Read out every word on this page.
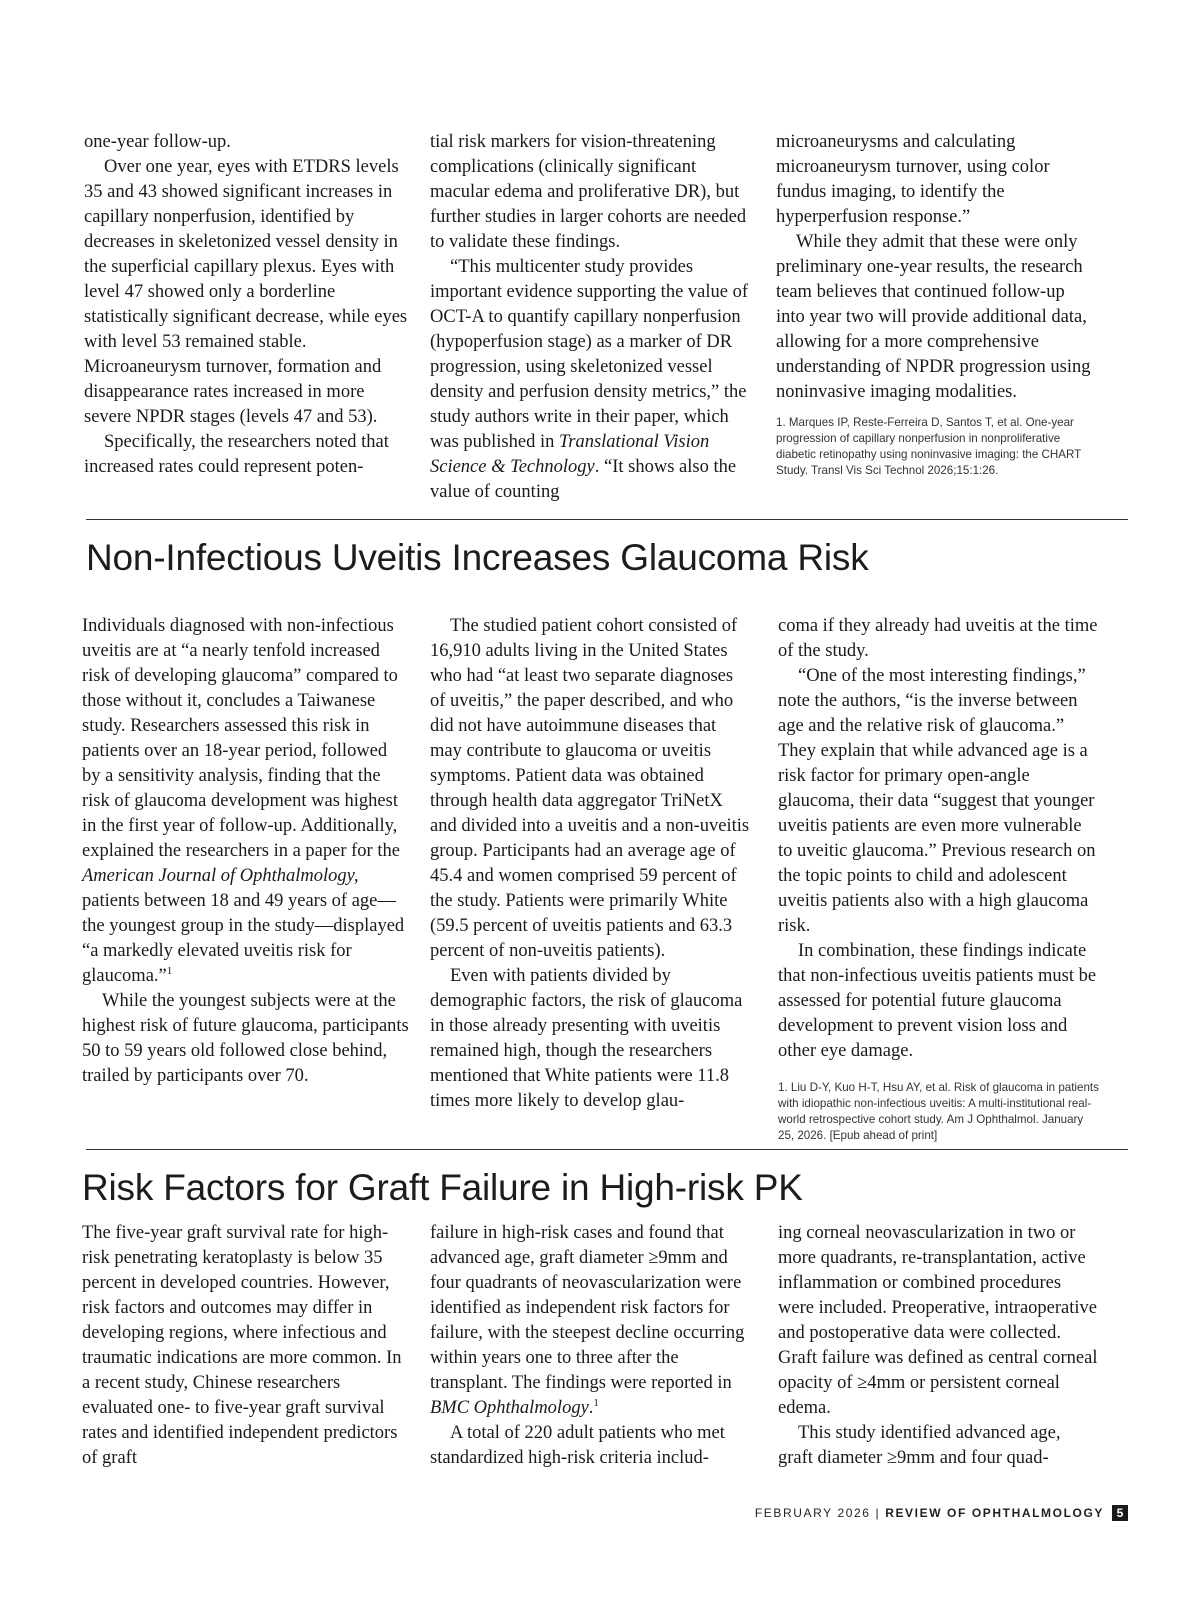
one-year follow-up.

Over one year, eyes with ETDRS levels 35 and 43 showed significant increases in capillary nonperfusion, identified by decreases in skeletonized vessel density in the superficial capillary plexus. Eyes with level 47 showed only a borderline statistically significant decrease, while eyes with level 53 remained stable. Microaneurysm turnover, formation and disappearance rates increased in more severe NPDR stages (levels 47 and 53).

Specifically, the researchers noted that increased rates could represent poten-

tial risk markers for vision-threatening complications (clinically significant macular edema and proliferative DR), but further studies in larger cohorts are needed to validate these findings.

“This multicenter study provides important evidence supporting the value of OCT-A to quantify capillary nonperfusion (hypoperfusion stage) as a marker of DR progression, using skeletonized vessel density and perfusion density metrics,” the study authors write in their paper, which was published in Translational Vision Science & Technology. “It shows also the value of counting

microaneurysms and calculating microaneurysm turnover, using color fundus imaging, to identify the hyperperfusion response.”

While they admit that these were only preliminary one-year results, the research team believes that continued follow-up into year two will provide additional data, allowing for a more comprehensive understanding of NPDR progression using noninvasive imaging modalities.

1. Marques IP, Reste-Ferreira D, Santos T, et al. One-year progression of capillary nonperfusion in nonproliferative diabetic retinopathy using noninvasive imaging: the CHART Study. Transl Vis Sci Technol 2026;15:1:26.
Non-Infectious Uveitis Increases Glaucoma Risk

Individuals diagnosed with non-infectious uveitis are at “a nearly tenfold increased risk of developing glaucoma” compared to those without it, concludes a Taiwanese study. Researchers assessed this risk in patients over an 18-year period, followed by a sensitivity analysis, finding that the risk of glaucoma development was highest in the first year of follow-up. Additionally, explained the researchers in a paper for the American Journal of Ophthalmology, patients between 18 and 49 years of age—the youngest group in the study—displayed “a markedly elevated uveitis risk for glaucoma.”$^1$

While the youngest subjects were at the highest risk of future glaucoma, participants 50 to 59 years old followed close behind, trailed by participants over 70.

The studied patient cohort consisted of 16,910 adults living in the United States who had “at least two separate diagnoses of uveitis,” the paper described, and who did not have autoimmune diseases that may contribute to glaucoma or uveitis symptoms. Patient data was obtained through health data aggregator TriNetX and divided into a uveitis and a non-uveitis group. Participants had an average age of 45.4 and women comprised 59 percent of the study. Patients were primarily White (59.5 percent of uveitis patients and 63.3 percent of non-uveitis patients).

Even with patients divided by demographic factors, the risk of glaucoma in those already presenting with uveitis remained high, though the researchers mentioned that White patients were 11.8 times more likely to develop glau-

coma if they already had uveitis at the time of the study.

“One of the most interesting findings,” note the authors, “is the inverse between age and the relative risk of glaucoma.” They explain that while advanced age is a risk factor for primary open-angle glaucoma, their data “suggest that younger uveitis patients are even more vulnerable to uveitic glaucoma.” Previous research on the topic points to child and adolescent uveitis patients also with a high glaucoma risk.

In combination, these findings indicate that non-infectious uveitis patients must be assessed for potential future glaucoma development to prevent vision loss and other eye damage.

1. Liu D-Y, Kuo H-T, Hsu AY, et al. Risk of glaucoma in patients with idiopathic non-infectious uveitis: A multi-institutional real-world retrospective cohort study. Am J Ophthalmol. January 25, 2026. [Epub ahead of print]
Risk Factors for Graft Failure in High-risk PK

The five-year graft survival rate for high-risk penetrating keratoplasty is below 35 percent in developed countries. However, risk factors and outcomes may differ in developing regions, where infectious and traumatic indications are more common. In a recent study, Chinese researchers evaluated one- to five-year graft survival rates and identified independent predictors of graft

failure in high-risk cases and found that advanced age, graft diameter ≥9mm and four quadrants of neovascularization were identified as independent risk factors for failure, with the steepest decline occurring within years one to three after the transplant. The findings were reported in BMC Ophthalmology.$^1$

A total of 220 adult patients who met standardized high-risk criteria includ-

ing corneal neovascularization in two or more quadrants, re-transplantation, active inflammation or combined procedures were included. Preoperative, intraoperative and postoperative data were collected. Graft failure was defined as central corneal opacity of ≥4mm or persistent corneal edema.

This study identified advanced age, graft diameter ≥9mm and four quad-

FEBRUARY 2026 | REVIEW OF OPHTHALMOLOGY	5
